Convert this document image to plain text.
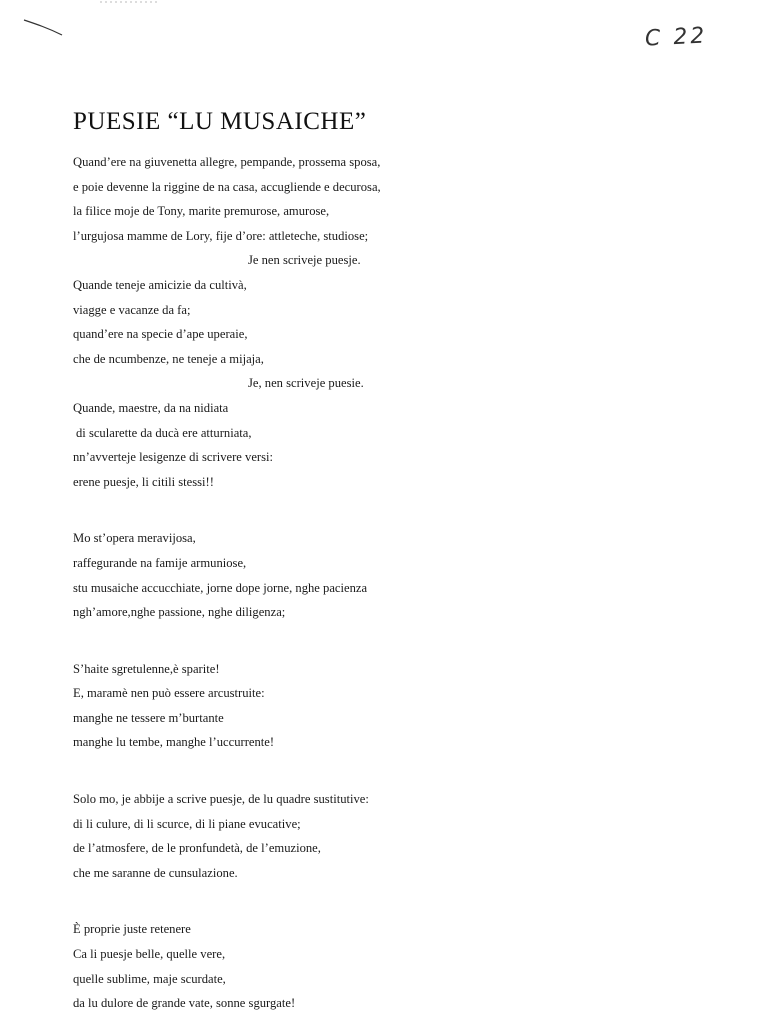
C 22
PUESIE “LU MUSAICHE”
Quand’ere na giuvenetta allegre, pempande, prossema sposa,
e poie devenne la riggine de na casa, accugliende e decurosa,
la filice moje de Tony, marite premurose, amurose,
l’urgujosa mamme de Lory, fije d’ore: attleteche, studiose;
Je nen scriveje puesje.
Quande teneje amicizie da cultivà,
viagge e vacanze da fa;
quand’ere na specie d’ape uperaie,
che de ncumbenze, ne teneje a mijaja,
Je, nen scriveje puesie.
Quande, maestre, da na nidiata
di scularette da ducà ere atturniata,
nn’avverteje lesigenze di scrivere versi:
erene puesje, li citili stessi!!
Mo st’opera meravijosa,
raffegurande na famije armuniose,
stu musaiche accucchiate, jorne dope jorne, nghe pacienza
ngh’amore,nghe passione, nghe diligenza;
S’haite sgretulenne,è sparite!
E, maramè nen può essere arcustruite:
manghe ne tessere m’burtante
manghe lu tembe, manghe l’uccurrente!
Solo mo, je abbije a scrive puesje, de lu quadre sustitutive:
di li culure, di li scurce, di li piane evucative;
de l’atmosfere, de le pronfundetà, de l’emuzione,
che me saranne de cunsulazione.
È proprie juste retenere
Ca li puesje belle, quelle vere,
quelle sublime, maje scurdate,
da lu dulore de grande vate, sonne sgurgate!
